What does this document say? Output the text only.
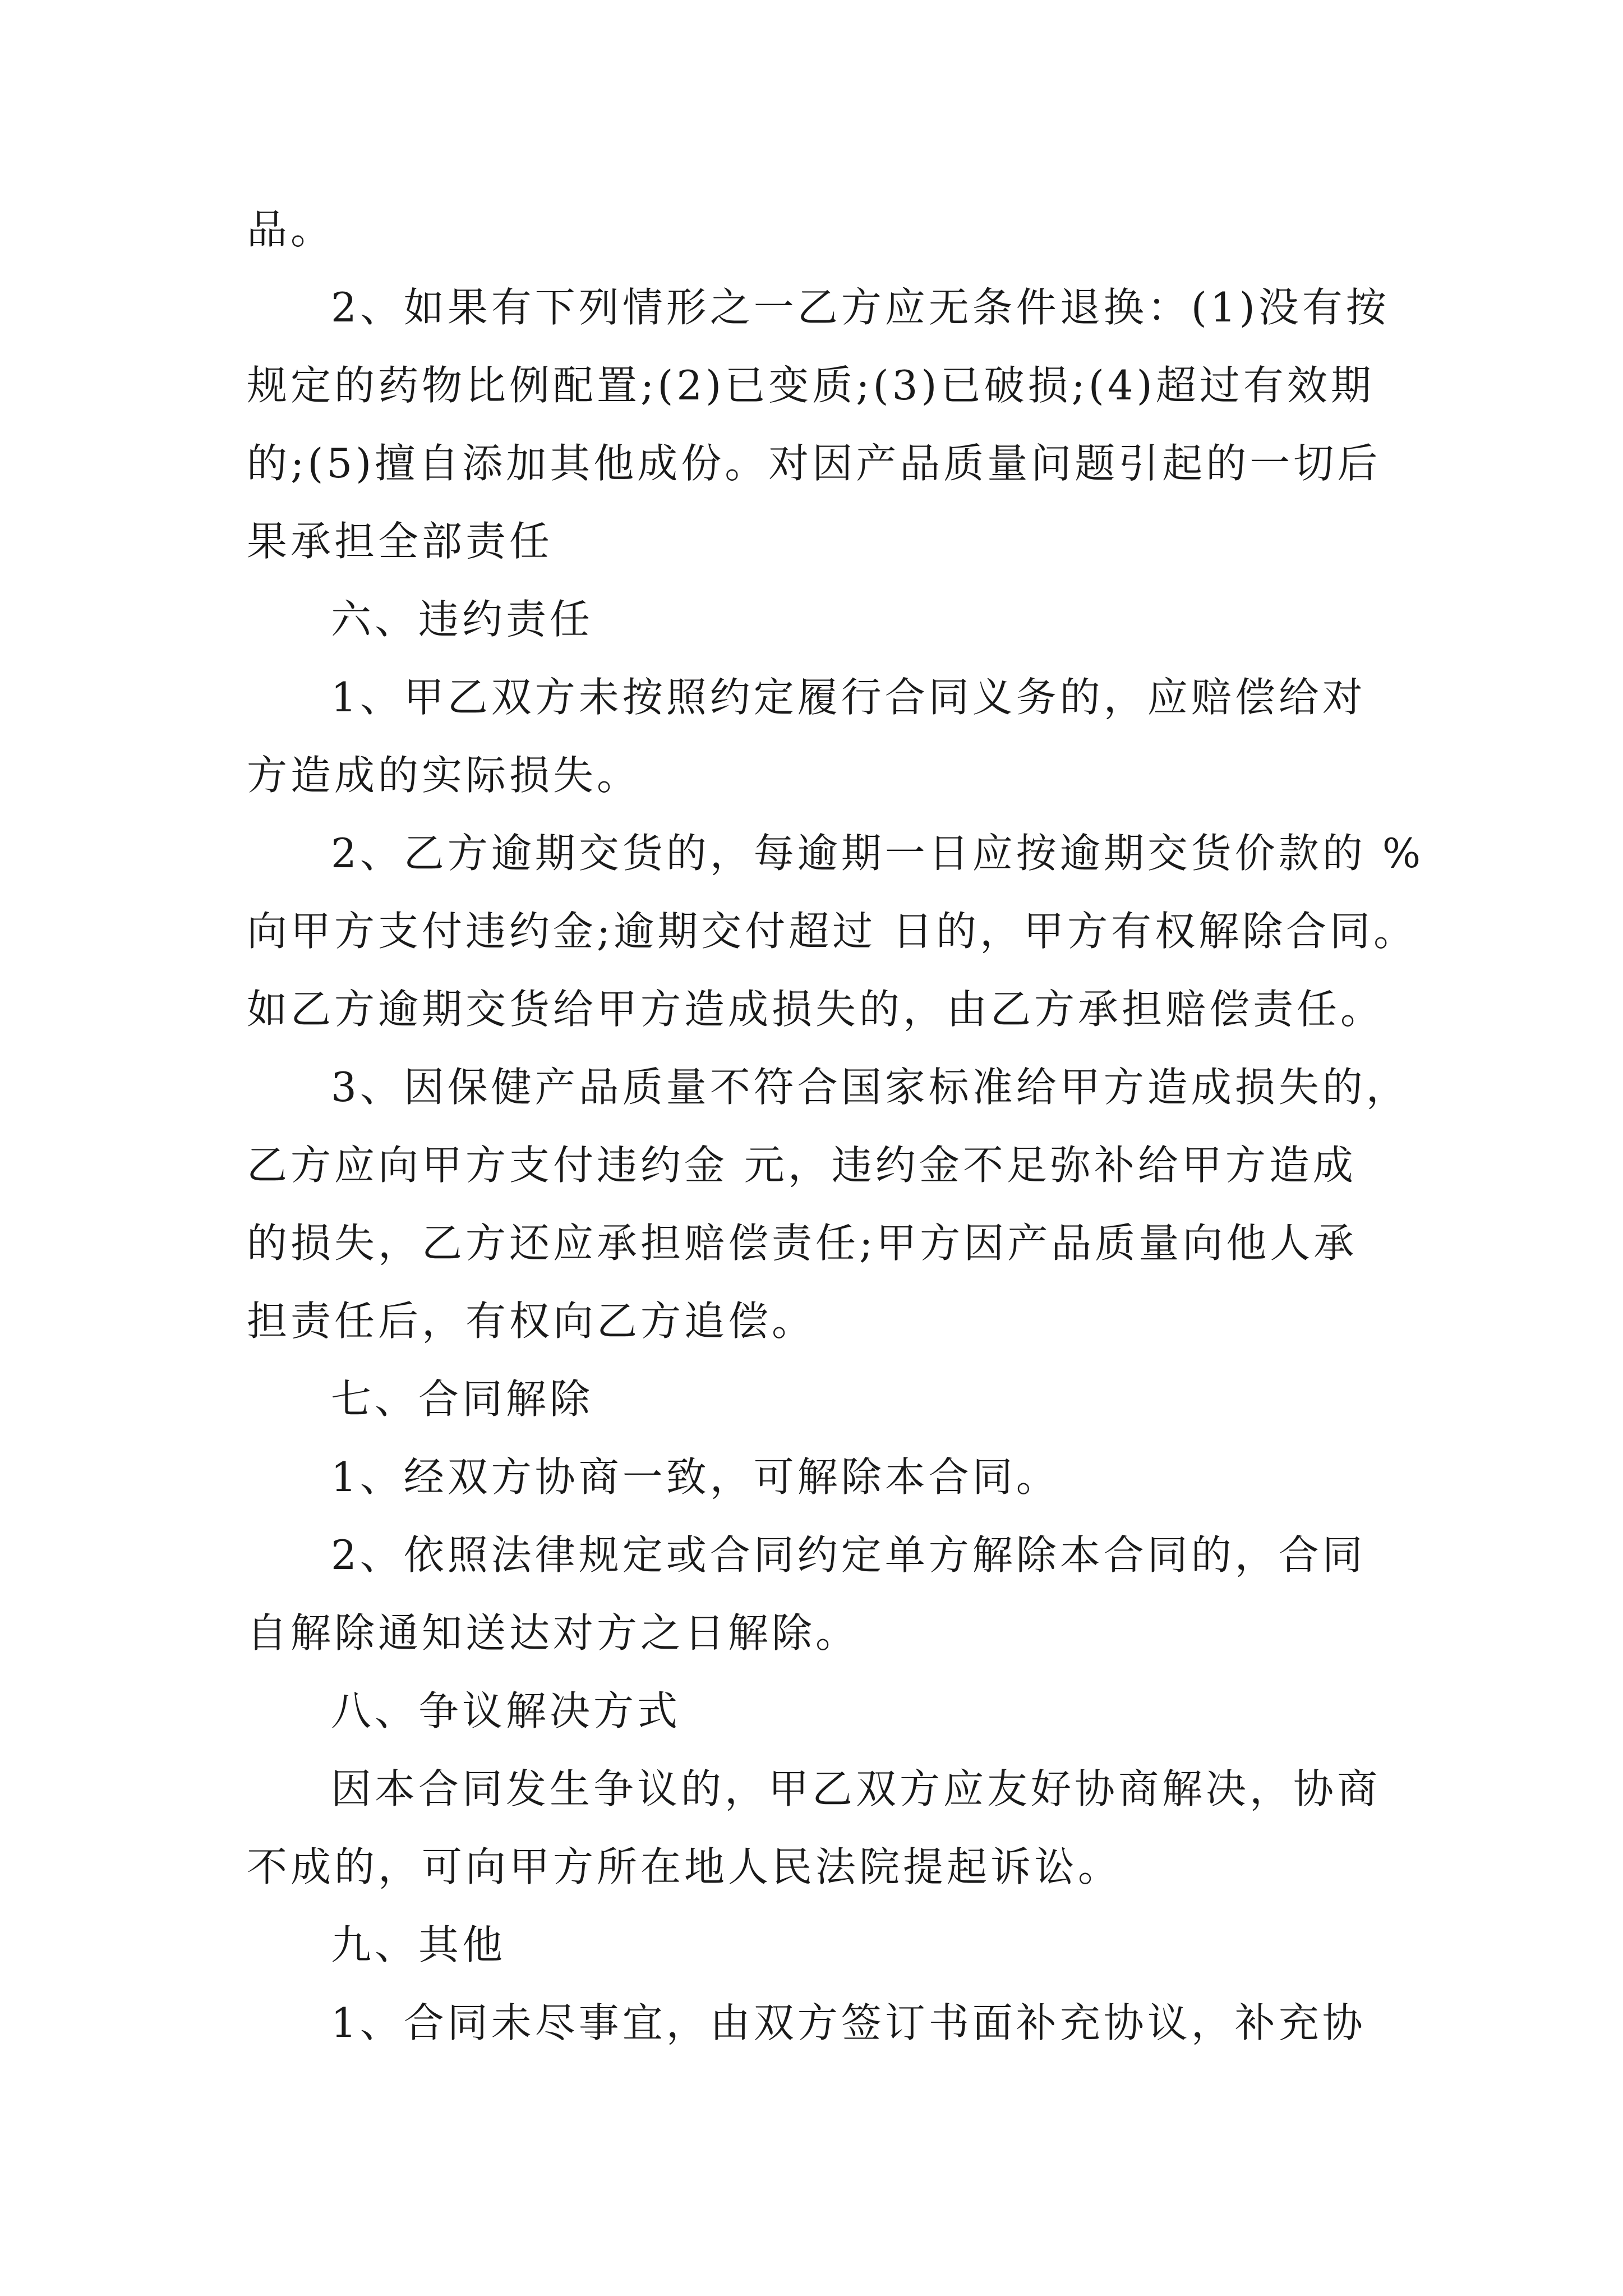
品。
2、如果有下列情形之一乙方应无条件退换：(1)没有按
规定的药物比例配置;(2)已变质;(3)已破损;(4)超过有效期
的;(5)擅自添加其他成份。对因产品质量问题引起的一切后
果承担全部责任
六、违约责任
1、甲乙双方未按照约定履行合同义务的，应赔偿给对
方造成的实际损失。
2、乙方逾期交货的，每逾期一日应按逾期交货价款的 %
向甲方支付违约金;逾期交付超过 日的，甲方有权解除合同。
如乙方逾期交货给甲方造成损失的，由乙方承担赔偿责任。
3、因保健产品质量不符合国家标准给甲方造成损失的，
乙方应向甲方支付违约金 元，违约金不足弥补给甲方造成
的损失，乙方还应承担赔偿责任;甲方因产品质量向他人承
担责任后，有权向乙方追偿。
七、合同解除
1、经双方协商一致，可解除本合同。
2、依照法律规定或合同约定单方解除本合同的，合同
自解除通知送达对方之日解除。
八、争议解决方式
因本合同发生争议的，甲乙双方应友好协商解决，协商
不成的，可向甲方所在地人民法院提起诉讼。
九、其他
1、合同未尽事宜，由双方签订书面补充协议，补充协
